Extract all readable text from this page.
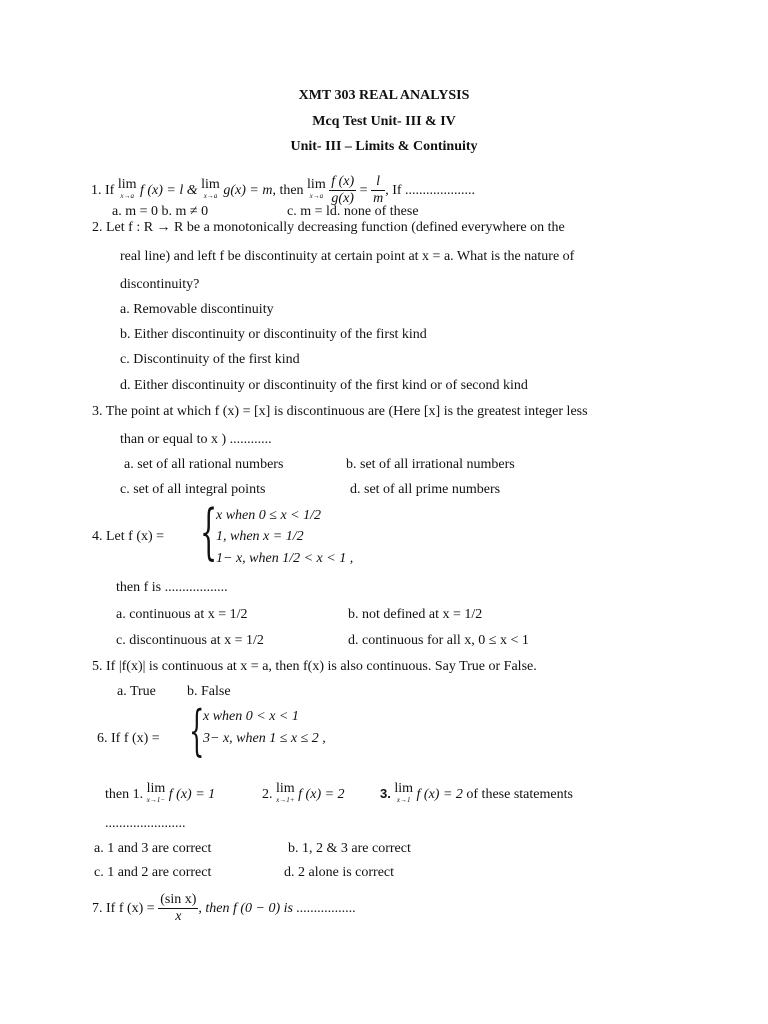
XMT 303 REAL ANALYSIS
Mcq Test Unit- III & IV
Unit- III – Limits & Continuity
1. If lim
x→a f (x) = l & lim
x→a g(x) = m, then lim
x→a
$\frac{f (x)}{g(x)} = \frac{l}{m}$ , If ....................
a. m = 0 b. m ≠ 0	c. m = ld. none of these
2. Let f : R → R be a monotonically decreasing function (defined everywhere on the
real line) and left f be discontinuity at certain point at x = a. What is the nature of
discontinuity?
a. Removable discontinuity
b. Either discontinuity or discontinuity of the first kind
c. Discontinuity of the first kind
d. Either discontinuity or discontinuity of the first kind or of second kind
3. The point at which f (x) = [x] is discontinuous are (Here [x] is the greatest integer less
than or equal to x ) ............
a. set of all rational numbers	b. set of all irrational numbers
c. set of all integral points	d. set of all prime numbers
4. Let f (x) = {
x when 0 ≤ x < 1/2
1, when x = 1/2
1− x, when 1/2 < x < 1 ,
then f is ..................
a. continuous at x = 1/2	b. not defined at x = 1/2
c. discontinuous at x = 1/2	d. continuous for all x, 0 ≤ x < 1
5. If |f(x)| is continuous at x = a, then f(x) is also continuous. Say True or False.
a. True b. False
6. If f (x) = {
x when 0 < x < 1
3− x, when 1 ≤ x ≤ 2 ,
then 1. lim
x→1− f (x) = 1	2. lim
x→1+ f (x) = 2	3. lim
x→1 f (x) = 2 of these statements
.......................
a. 1 and 3 are correct	b. 1, 2 & 3 are correct
c. 1 and 2 are correct	d. 2 alone is correct
7. If f $(x) = \frac{\text{(sin x)}}{x}$ , then f (0 − 0) is .................
